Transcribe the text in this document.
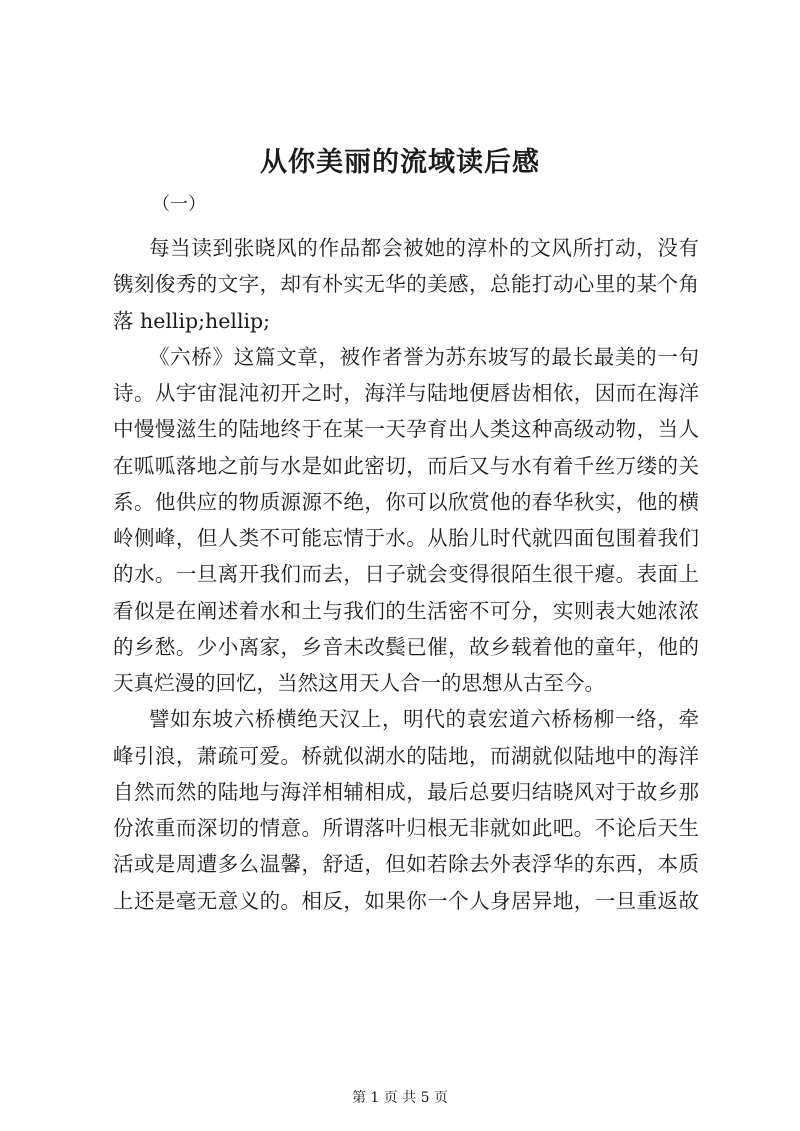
从你美丽的流域读后感
（一）
每当读到张晓风的作品都会被她的淳朴的文风所打动，没有
镌刻俊秀的文字，却有朴实无华的美感，总能打动心里的某个角
落 hellip;hellip;
《六桥》这篇文章，被作者誉为苏东坡写的最长最美的一句
诗。从宇宙混沌初开之时，海洋与陆地便唇齿相依，因而在海洋
中慢慢滋生的陆地终于在某一天孕育出人类这种高级动物，当人
在呱呱落地之前与水是如此密切，而后又与水有着千丝万缕的关
系。他供应的物质源源不绝，你可以欣赏他的春华秋实，他的横
岭侧峰，但人类不可能忘情于水。从胎儿时代就四面包围着我们
的水。一旦离开我们而去，日子就会变得很陌生很干瘪。表面上
看似是在阐述着水和土与我们的生活密不可分，实则表大她浓浓
的乡愁。少小离家，乡音未改鬓已催，故乡载着他的童年，他的
天真烂漫的回忆，当然这用天人合一的思想从古至今。
譬如东坡六桥横绝天汉上，明代的袁宏道六桥杨柳一络，牵
峰引浪，萧疏可爱。桥就似湖水的陆地，而湖就似陆地中的海洋
自然而然的陆地与海洋相辅相成，最后总要归结晓风对于故乡那
份浓重而深切的情意。所谓落叶归根无非就如此吧。不论后天生
活或是周遭多么温馨，舒适，但如若除去外表浮华的东西，本质
上还是毫无意义的。相反，如果你一个人身居异地，一旦重返故
第 1 页 共 5 页
